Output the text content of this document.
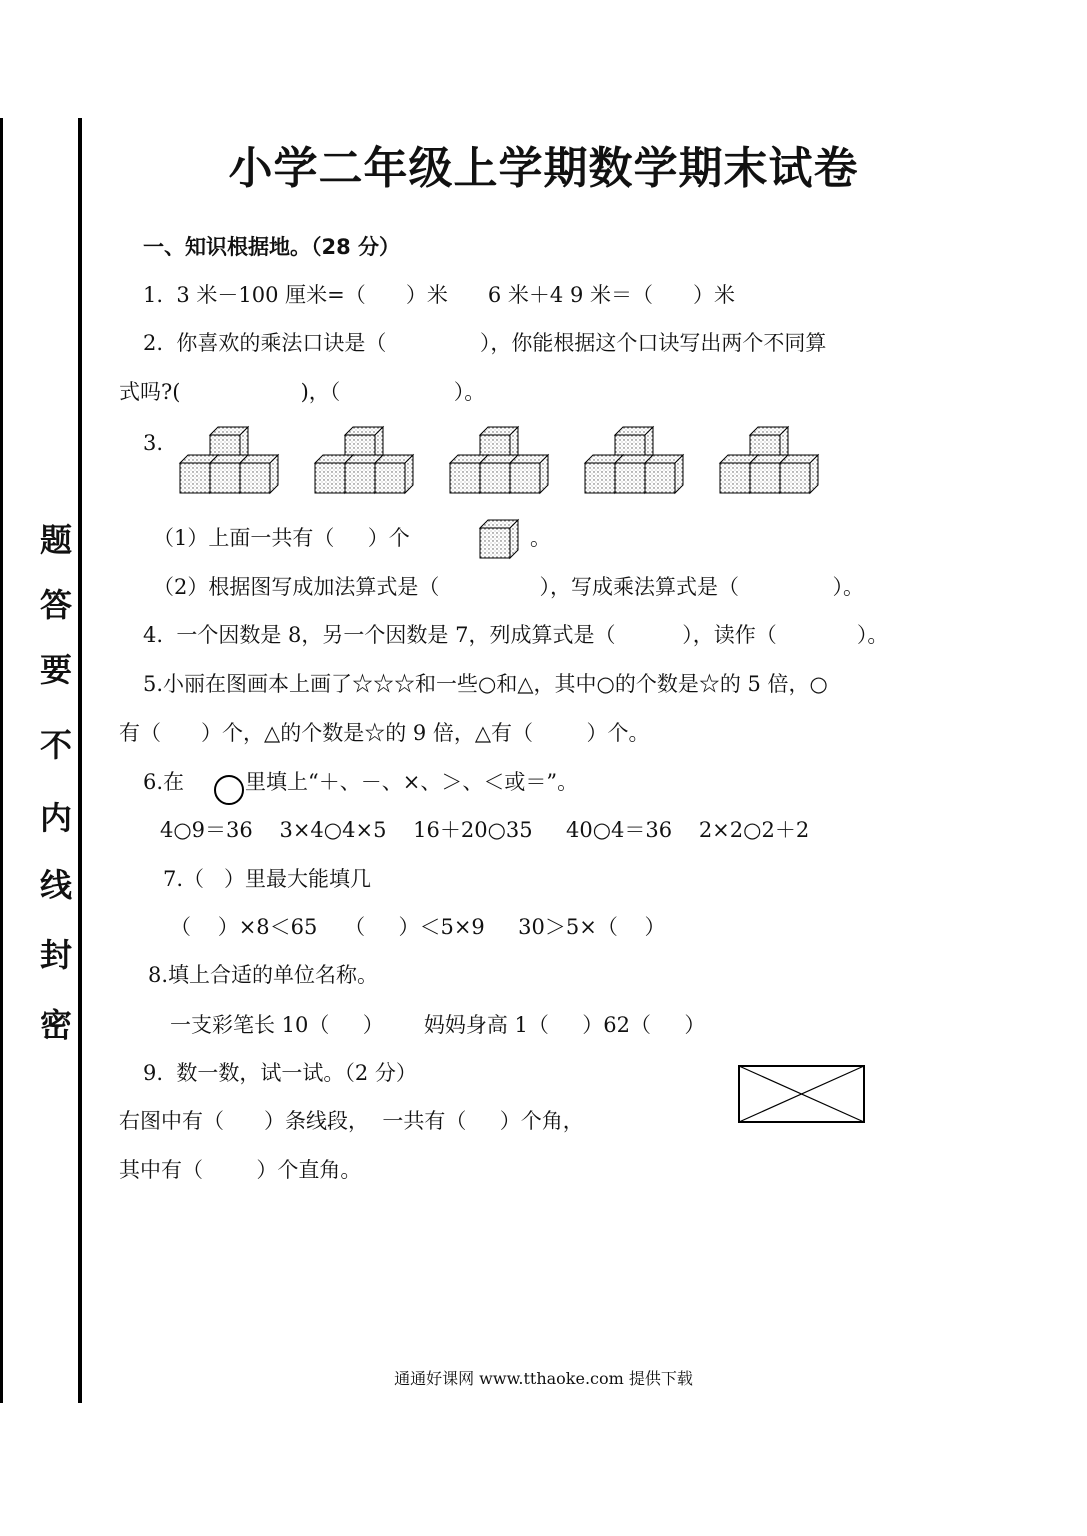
题
答
要
不
内
线
封
密
小学二年级上学期数学期末试卷
一、知识根据地。（28 分）
1.  3 米－100 厘米=（      ）米      6 米＋4 9 米＝（      ）米
2.  你喜欢的乘法口诀是（              ），你能根据这个口诀写出两个不同算
式吗?(                  )，（                 ）。
3.
（1）上面一共有（     ）个	。
（2）根据图写成加法算式是（               ），写成乘法算式是（              ）。
4.  一个因数是 8，另一个因数是 7，列成算式是（          ），读作（            ）。
5.小丽在图画本上画了☆☆☆和一些○和△，其中○的个数是☆的 5 倍，○
有（      ）个，△的个数是☆的 9 倍，△有（        ）个。
6.在	里填上“＋、－、×、＞、＜或＝”。
4○9＝36    3×4○4×5    16＋20○35     40○4＝36    2×2○2＋2
7.（   ）里最大能填几
（    ）×8＜65    （     ）＜5×9     30＞5×（    ）
8.填上合适的单位名称。
一支彩笔长 10（     ）      妈妈身高 1（     ）62（     ）
9.  数一数，试一试。（2 分）
右图中有（      ）条线段，  一共有（     ）个角，
其中有（        ）个直角。
通通好课网 www.tthaoke.com 提供下载
